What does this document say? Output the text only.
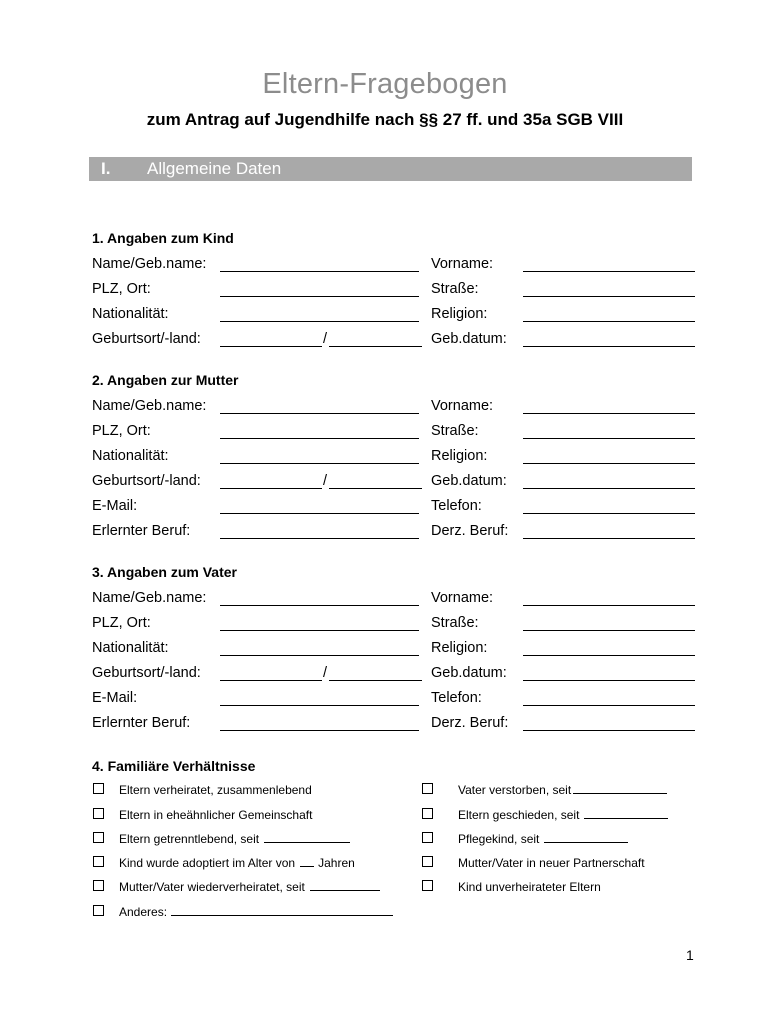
Eltern-Fragebogen
zum Antrag auf Jugendhilfe nach §§ 27 ff. und 35a SGB VIII
I. Allgemeine Daten
1. Angaben zum Kind
Name/Geb.name:	Vorname:
PLZ, Ort:	Straße:
Nationalität:	Religion:
Geburtsort/-land:	/	Geb.datum:
2. Angaben zur Mutter
Name/Geb.name:	Vorname:
PLZ, Ort:	Straße:
Nationalität:	Religion:
Geburtsort/-land:	/	Geb.datum:
E-Mail:	Telefon:
Erlernter Beruf:	Derz. Beruf:
3. Angaben zum Vater
Name/Geb.name:	Vorname:
PLZ, Ort:	Straße:
Nationalität:	Religion:
Geburtsort/-land:	/	Geb.datum:
E-Mail:	Telefon:
Erlernter Beruf:	Derz. Beruf:
4. Familiäre Verhältnisse
Eltern verheiratet, zusammenlebend	Vater verstorben, seit
Eltern in eheähnlicher Gemeinschaft	Eltern geschieden, seit
Eltern getrenntlebend, seit	Pflegekind, seit
Kind wurde adoptiert im Alter von Jahren	Mutter/Vater in neuer Partnerschaft
Mutter/Vater wiederverheiratet, seit	Kind unverheirateter Eltern
Anderes:
1
